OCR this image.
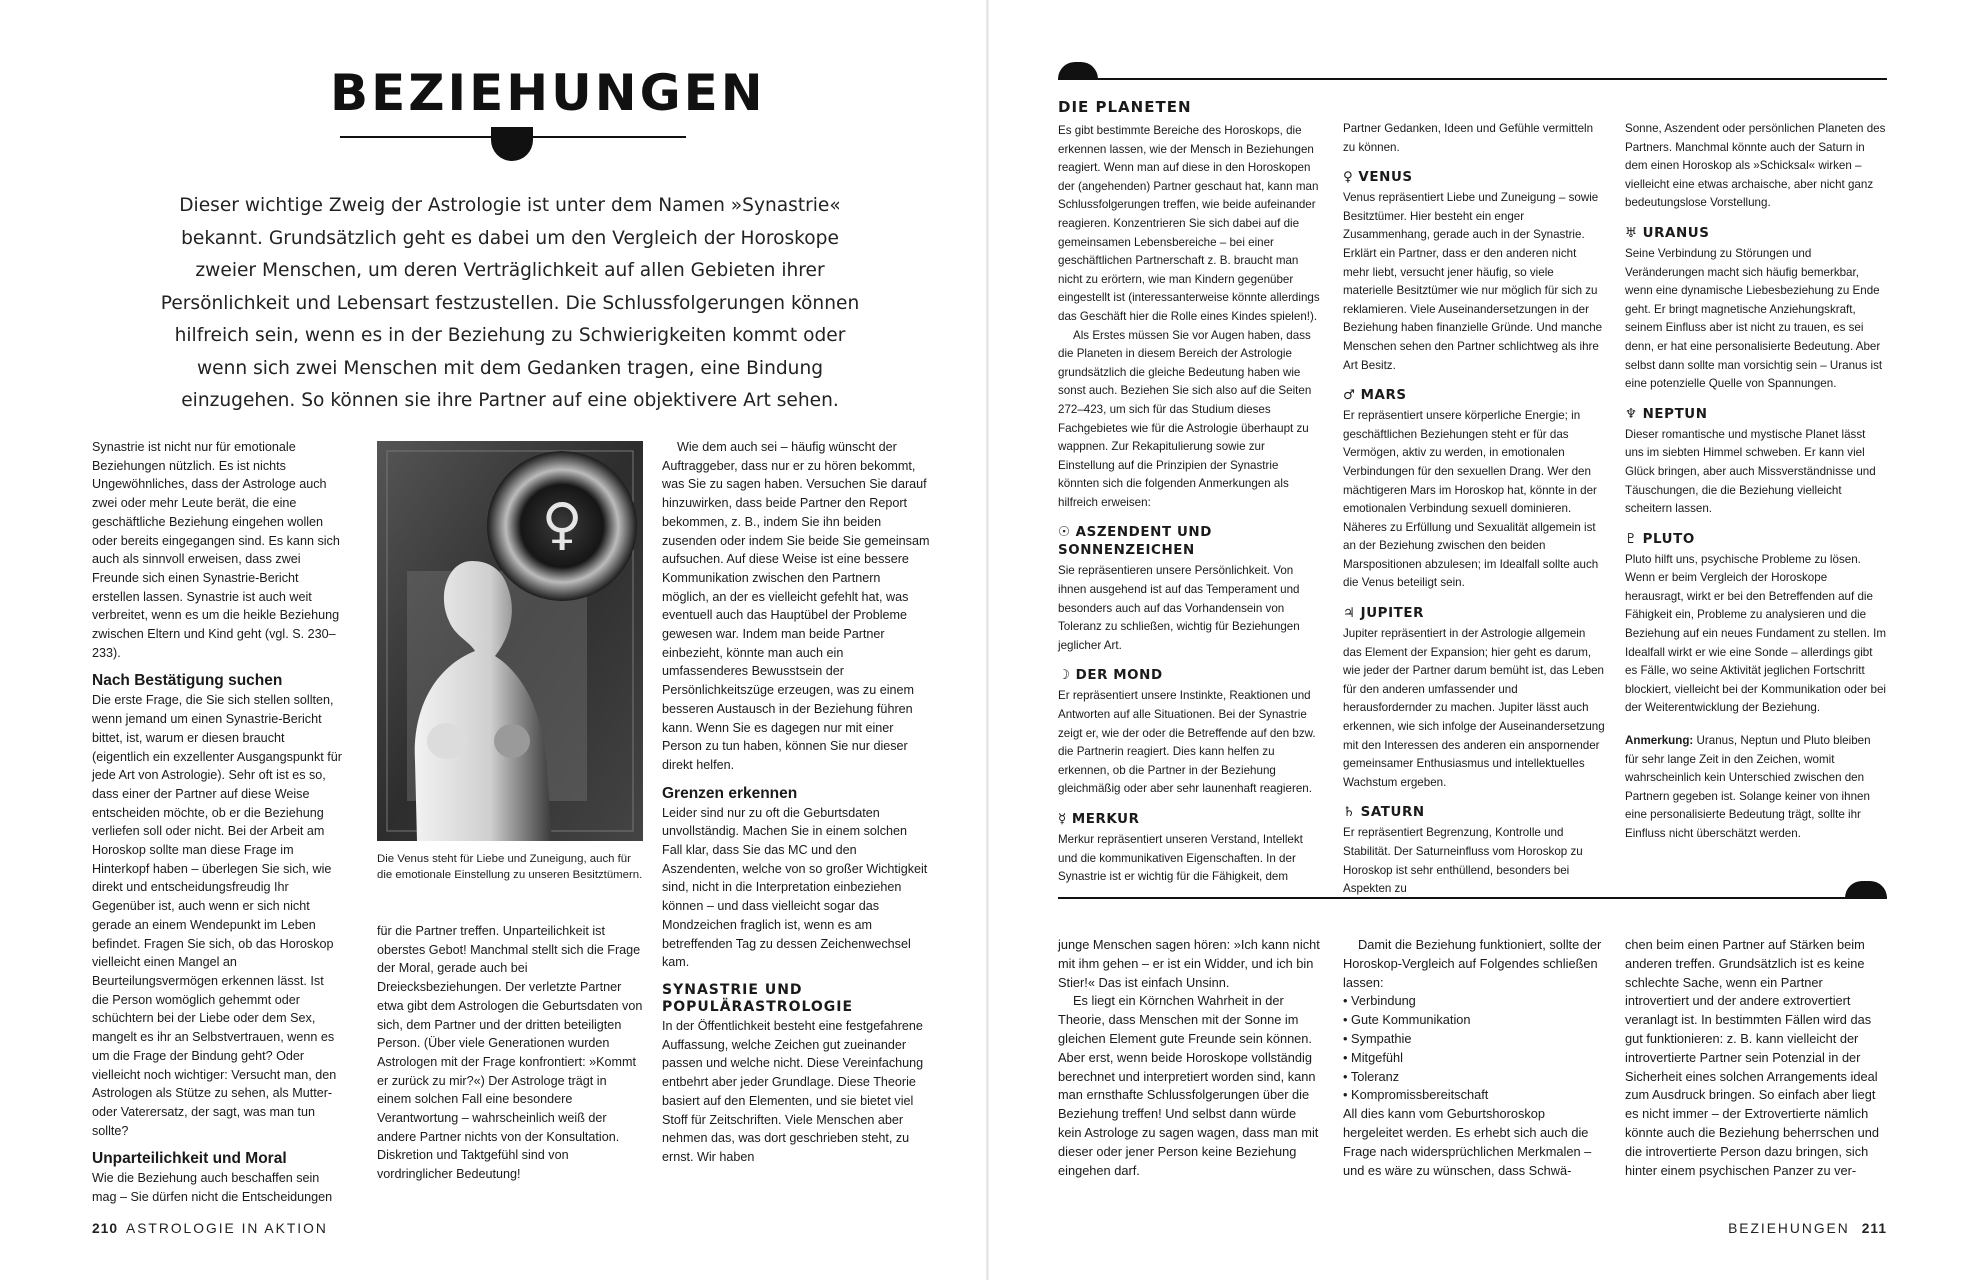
BEZIEHUNGEN

Dieser wichtige Zweig der Astrologie ist unter dem Namen »Synastrie« bekannt. Grundsätzlich geht es dabei um den Vergleich der Horoskope zweier Menschen, um deren Verträglichkeit auf allen Gebieten ihrer Persönlichkeit und Lebensart festzustellen. Die Schlussfolgerungen können hilfreich sein, wenn es in der Beziehung zu Schwierigkeiten kommt oder wenn sich zwei Menschen mit dem Gedanken tragen, eine Bindung einzugehen. So können sie ihre Partner auf eine objektivere Art sehen.

Synastrie ist nicht nur für emotionale Beziehungen nützlich. Es ist nichts Ungewöhnliches, dass der Astrologe auch zwei oder mehr Leute berät, die eine geschäftliche Beziehung eingehen wollen oder bereits eingegangen sind. Es kann sich auch als sinnvoll erweisen, dass zwei Freunde sich einen Synastrie-Bericht erstellen lassen. Synastrie ist auch weit verbreitet, wenn es um die heikle Beziehung zwischen Eltern und Kind geht (vgl. S. 230–233).

Nach Bestätigung suchen

Die erste Frage, die Sie sich stellen sollten, wenn jemand um einen Synastrie-Bericht bittet, ist, warum er diesen braucht (eigentlich ein exzellenter Ausgangspunkt für jede Art von Astrologie). Sehr oft ist es so, dass einer der Partner auf diese Weise entscheiden möchte, ob er die Beziehung verliefen soll oder nicht. Bei der Arbeit am Horoskop sollte man diese Frage im Hinterkopf haben – überlegen Sie sich, wie direkt und entscheidungsfreudig Ihr Gegenüber ist, auch wenn er sich nicht gerade an einem Wendepunkt im Leben befindet. Fragen Sie sich, ob das Horoskop vielleicht einen Mangel an Beurteilungsvermögen erkennen lässt. Ist die Person womöglich gehemmt oder schüchtern bei der Liebe oder dem Sex, mangelt es ihr an Selbstvertrauen, wenn es um die Frage der Bindung geht? Oder vielleicht noch wichtiger: Versucht man, den Astrologen als Stütze zu sehen, als Mutter- oder Vaterersatz, der sagt, was man tun sollte?

Unparteilichkeit und Moral

Wie die Beziehung auch beschaffen sein mag – Sie dürfen nicht die Entscheidungen

♀

Die Venus steht für Liebe und Zuneigung, auch für die emotionale Einstellung zu unseren Besitztümern.

für die Partner treffen. Unparteilichkeit ist oberstes Gebot! Manchmal stellt sich die Frage der Moral, gerade auch bei Dreiecksbeziehungen. Der verletzte Partner etwa gibt dem Astrologen die Geburtsdaten von sich, dem Partner und der dritten beteiligten Person. (Über viele Generationen wurden Astrologen mit der Frage konfrontiert: »Kommt er zurück zu mir?«) Der Astrologe trägt in einem solchen Fall eine besondere Verantwortung – wahrscheinlich weiß der andere Partner nichts von der Konsultation. Diskretion und Taktgefühl sind von vordringlicher Bedeutung!

Wie dem auch sei – häufig wünscht der Auftraggeber, dass nur er zu hören bekommt, was Sie zu sagen haben. Versuchen Sie darauf hinzuwirken, dass beide Partner den Report bekommen, z. B., indem Sie ihn beiden zusenden oder indem Sie beide Sie gemeinsam aufsuchen. Auf diese Weise ist eine bessere Kommunikation zwischen den Partnern möglich, an der es vielleicht gefehlt hat, was eventuell auch das Hauptübel der Probleme gewesen war. Indem man beide Partner einbezieht, könnte man auch ein umfassenderes Bewusstsein der Persönlichkeitszüge erzeugen, was zu einem besseren Austausch in der Beziehung führen kann. Wenn Sie es dagegen nur mit einer Person zu tun haben, können Sie nur dieser direkt helfen.

Grenzen erkennen

Leider sind nur zu oft die Geburtsdaten unvollständig. Machen Sie in einem solchen Fall klar, dass Sie das MC und den Aszendenten, welche von so großer Wichtigkeit sind, nicht in die Interpretation einbeziehen können – und dass vielleicht sogar das Mondzeichen fraglich ist, wenn es am betreffenden Tag zu dessen Zeichenwechsel kam.

SYNASTRIE UND POPULÄRASTROLOGIE

In der Öffentlichkeit besteht eine festgefahrene Auffassung, welche Zeichen gut zueinander passen und welche nicht. Diese Vereinfachung entbehrt aber jeder Grundlage. Diese Theorie basiert auf den Elementen, und sie bietet viel Stoff für Zeitschriften. Viele Menschen aber nehmen das, was dort geschrieben steht, zu ernst. Wir haben

210 ASTROLOGIE IN AKTION
DIE PLANETEN

Es gibt bestimmte Bereiche des Horoskops, die erkennen lassen, wie der Mensch in Beziehungen reagiert. Wenn man auf diese in den Horoskopen der (angehenden) Partner geschaut hat, kann man Schlussfolgerungen treffen, wie beide aufeinander reagieren. Konzentrieren Sie sich dabei auf die gemeinsamen Lebensbereiche – bei einer geschäftlichen Partnerschaft z. B. braucht man nicht zu erörtern, wie man Kindern gegenüber eingestellt ist (interessanterweise könnte allerdings das Geschäft hier die Rolle eines Kindes spielen!).

Als Erstes müssen Sie vor Augen haben, dass die Planeten in diesem Bereich der Astrologie grundsätzlich die gleiche Bedeutung haben wie sonst auch. Beziehen Sie sich also auf die Seiten 272–423, um sich für das Studium dieses Fachgebietes wie für die Astrologie überhaupt zu wappnen. Zur Rekapitulierung sowie zur Einstellung auf die Prinzipien der Synastrie könnten sich die folgenden Anmerkungen als hilfreich erweisen:

☉ ASZENDENT UND SONNENZEICHEN

Sie repräsentieren unsere Persönlichkeit. Von ihnen ausgehend ist auf das Temperament und besonders auch auf das Vorhandensein von Toleranz zu schließen, wichtig für Beziehungen jeglicher Art.

☽ DER MOND

Er repräsentiert unsere Instinkte, Reaktionen und Antworten auf alle Situationen. Bei der Synastrie zeigt er, wie der oder die Betreffende auf den bzw. die Partnerin reagiert. Dies kann helfen zu erkennen, ob die Partner in der Beziehung gleichmäßig oder aber sehr launenhaft reagieren.

☿ MERKUR

Merkur repräsentiert unseren Verstand, Intellekt und die kommunikativen Eigenschaften. In der Synastrie ist er wichtig für die Fähigkeit, dem

Partner Gedanken, Ideen und Gefühle vermitteln zu können.

♀ VENUS

Venus repräsentiert Liebe und Zuneigung – sowie Besitztümer. Hier besteht ein enger Zusammenhang, gerade auch in der Synastrie. Erklärt ein Partner, dass er den anderen nicht mehr liebt, versucht jener häufig, so viele materielle Besitztümer wie nur möglich für sich zu reklamieren. Viele Auseinandersetzungen in der Beziehung haben finanzielle Gründe. Und manche Menschen sehen den Partner schlichtweg als ihre Art Besitz.

♂ MARS

Er repräsentiert unsere körperliche Energie; in geschäftlichen Beziehungen steht er für das Vermögen, aktiv zu werden, in emotionalen Verbindungen für den sexuellen Drang. Wer den mächtigeren Mars im Horoskop hat, könnte in der emotionalen Verbindung sexuell dominieren. Näheres zu Erfüllung und Sexualität allgemein ist an der Beziehung zwischen den beiden Marspositionen abzulesen; im Idealfall sollte auch die Venus beteiligt sein.

♃ JUPITER

Jupiter repräsentiert in der Astrologie allgemein das Element der Expansion; hier geht es darum, wie jeder der Partner darum bemüht ist, das Leben für den anderen umfassender und herausfordernder zu machen. Jupiter lässt auch erkennen, wie sich infolge der Auseinandersetzung mit den Interessen des anderen ein anspornender gemeinsamer Enthusiasmus und intellektuelles Wachstum ergeben.

♄ SATURN

Er repräsentiert Begrenzung, Kontrolle und Stabilität. Der Saturneinfluss vom Horoskop zu Horoskop ist sehr enthüllend, besonders bei Aspekten zu

Sonne, Aszendent oder persönlichen Planeten des Partners. Manchmal könnte auch der Saturn in dem einen Horoskop als »Schicksal« wirken – vielleicht eine etwas archaische, aber nicht ganz bedeutungslose Vorstellung.

♅ URANUS

Seine Verbindung zu Störungen und Veränderungen macht sich häufig bemerkbar, wenn eine dynamische Liebesbeziehung zu Ende geht. Er bringt magnetische Anziehungskraft, seinem Einfluss aber ist nicht zu trauen, es sei denn, er hat eine personalisierte Bedeutung. Aber selbst dann sollte man vorsichtig sein – Uranus ist eine potenzielle Quelle von Spannungen.

♆ NEPTUN

Dieser romantische und mystische Planet lässt uns im siebten Himmel schweben. Er kann viel Glück bringen, aber auch Missverständnisse und Täuschungen, die die Beziehung vielleicht scheitern lassen.

♇ PLUTO

Pluto hilft uns, psychische Probleme zu lösen. Wenn er beim Vergleich der Horoskope herausragt, wirkt er bei den Betreffenden auf die Fähigkeit ein, Probleme zu analysieren und die Beziehung auf ein neues Fundament zu stellen. Im Idealfall wirkt er wie eine Sonde – allerdings gibt es Fälle, wo seine Aktivität jeglichen Fortschritt blockiert, vielleicht bei der Kommunikation oder bei der Weiterentwicklung der Beziehung.

Anmerkung: Uranus, Neptun und Pluto bleiben für sehr lange Zeit in den Zeichen, womit wahrscheinlich kein Unterschied zwischen den Partnern gegeben ist. Solange keiner von ihnen eine personalisierte Bedeutung trägt, sollte ihr Einfluss nicht überschätzt werden.

junge Menschen sagen hören: »Ich kann nicht mit ihm gehen – er ist ein Widder, und ich bin Stier!« Das ist einfach Unsinn.

Es liegt ein Körnchen Wahrheit in der Theorie, dass Menschen mit der Sonne im gleichen Element gute Freunde sein können. Aber erst, wenn beide Horoskope vollständig berechnet und interpretiert worden sind, kann man ernsthafte Schlussfolgerungen über die Beziehung treffen! Und selbst dann würde kein Astrologe zu sagen wagen, dass man mit dieser oder jener Person keine Beziehung eingehen darf.

Damit die Beziehung funktioniert, sollte der Horoskop-Vergleich auf Folgendes schließen lassen:

• Verbindung
• Gute Kommunikation
• Sympathie
• Mitgefühl
• Toleranz
• Kompromissbereitschaft

All dies kann vom Geburtshoroskop hergeleitet werden. Es erhebt sich auch die Frage nach widersprüchlichen Merkmalen – und es wäre zu wünschen, dass Schwä-

chen beim einen Partner auf Stärken beim anderen treffen. Grundsätzlich ist es keine schlechte Sache, wenn ein Partner introvertiert und der andere extrovertiert veranlagt ist. In bestimmten Fällen wird das gut funktionieren: z. B. kann vielleicht der introvertierte Partner sein Potenzial in der Sicherheit eines solchen Arrangements ideal zum Ausdruck bringen. So einfach aber liegt es nicht immer – der Extrovertierte nämlich könnte auch die Beziehung beherrschen und die introvertierte Person dazu bringen, sich hinter einem psychischen Panzer zu ver-

BEZIEHUNGEN 211
